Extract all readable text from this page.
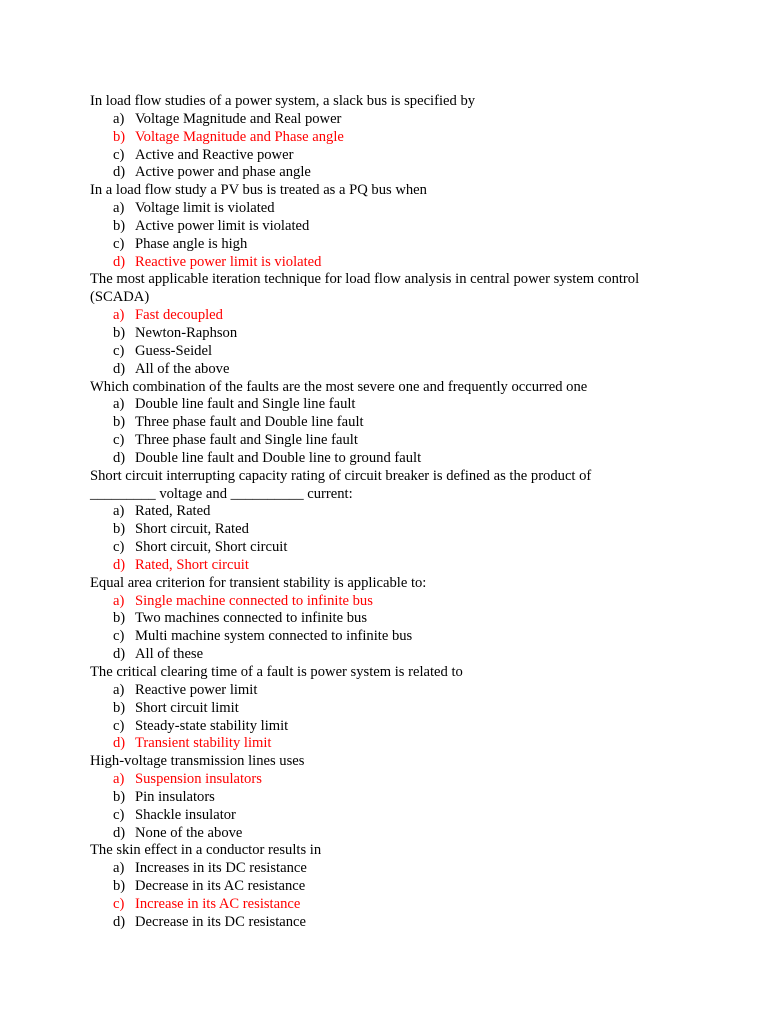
In load flow studies of a power system, a slack bus is specified by
a) Voltage Magnitude and Real power
b) Voltage Magnitude and Phase angle
c) Active and Reactive power
d) Active power and phase angle
In a load flow study a PV bus is treated as a PQ bus when
a) Voltage limit is violated
b) Active power limit is violated
c) Phase angle is high
d) Reactive power limit is violated
The most applicable iteration technique for load flow analysis in central power system control
(SCADA)
a) Fast decoupled
b) Newton-Raphson
c) Guess-Seidel
d) All of the above
Which combination of the faults are the most severe one and frequently occurred one
a) Double line fault and Single line fault
b) Three phase fault and Double line fault
c) Three phase fault and Single line fault
d) Double line fault and Double line to ground fault
Short circuit interrupting capacity rating of circuit breaker is defined as the product of
_________ voltage and __________ current:
a) Rated, Rated
b) Short circuit, Rated
c) Short circuit, Short circuit
d) Rated, Short circuit
Equal area criterion for transient stability is applicable to:
a) Single machine connected to infinite bus
b) Two machines connected to infinite bus
c) Multi machine system connected to infinite bus
d) All of these
The critical clearing time of a fault is power system is related to
a) Reactive power limit
b) Short circuit limit
c) Steady-state stability limit
d) Transient stability limit
High-voltage transmission lines uses
a) Suspension insulators
b) Pin insulators
c) Shackle insulator
d) None of the above
The skin effect in a conductor results in
a) Increases in its DC resistance
b) Decrease in its AC resistance
c) Increase in its AC resistance
d) Decrease in its DC resistance
